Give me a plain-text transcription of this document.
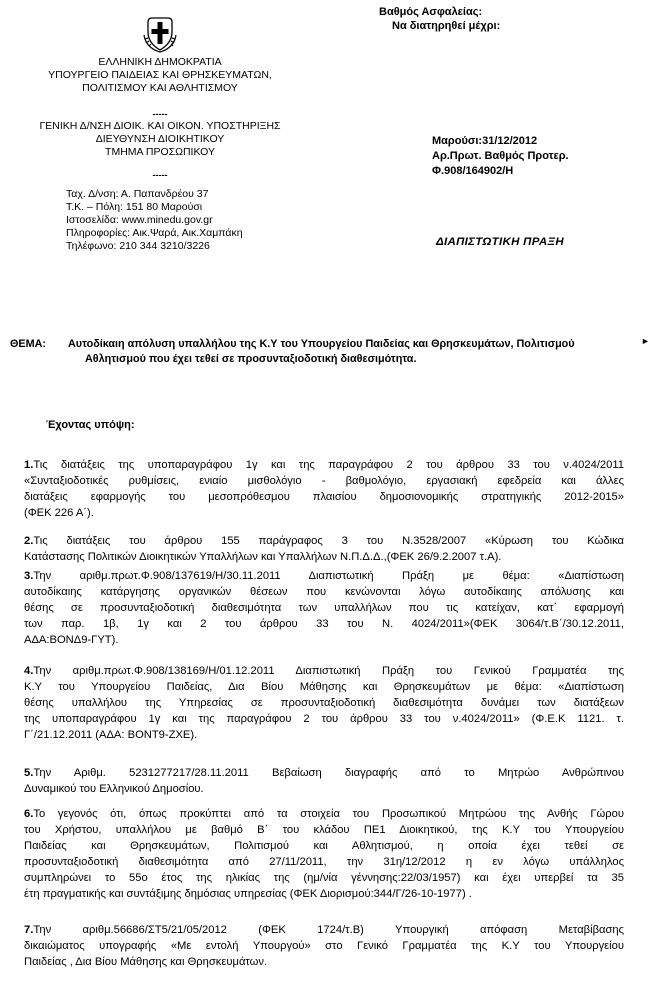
Βαθμός Ασφαλείας:
Να διατηρηθεί μέχρι:
ΕΛΛΗΝΙΚΗ ΔΗΜΟΚΡΑΤΙΑ
ΥΠΟΥΡΓΕΙΟ ΠΑΙΔΕΙΑΣ ΚΑΙ ΘΡΗΣΚΕΥΜΑΤΩΝ,
ΠΟΛΙΤΙΣΜΟΥ ΚΑΙ ΑΘΛΗΤΙΣΜΟΥ
-----
ΓΕΝΙΚΗ Δ/ΝΣΗ ΔΙΟΙΚ. ΚΑΙ ΟΙΚΟΝ. ΥΠΟΣΤΗΡΙΞΗΣ
ΔΙΕΥΘΥΝΣΗ ΔΙΟΙΚΗΤΙΚΟΥ
ΤΜΗΜΑ ΠΡΟΣΩΠΙΚΟΥ
-----
Ταχ. Δ/νση: Α. Παπανδρέου 37
Τ.Κ. – Πόλη: 151 80 Μαρούσι
Ιστοσελίδα: www.minedu.gov.gr
Πληροφορίες: Αικ.Ψαρά, Αικ.Χαμπάκη
Τηλέφωνο: 210 344 3210/3226
Μαρούσι:31/12/2012
Αρ.Πρωτ. Βαθμός Προτερ.
Φ.908/164902/Η
ΔΙΑΠΙΣΤΩΤΙΚΗ ΠΡΑΞΗ
ΘΕΜΑ: Αυτοδίκαιη απόλυση υπαλλήλου της Κ.Υ του Υπουργείου Παιδείας και Θρησκευμάτων, Πολιτισμού
Αθλητισμού που έχει τεθεί σε προσυνταξιοδοτική διαθεσιμότητα.
►
Έχοντας υπόψη:
1.Τις διατάξεις της υποπαραγράφου 1γ και της παραγράφου 2 του άρθρου 33 του ν.4024/2011
«Συνταξιοδοτικές ρυθμίσεις, ενιαίο μισθολόγιο - βαθμολόγιο, εργασιακή εφεδρεία και άλλες
διατάξεις εφαρμογής του μεσοπρόθεσμου πλαισίου δημοσιονομικής στρατηγικής 2012-2015»
(ΦΕΚ 226 Α΄).
2.Τις διατάξεις του άρθρου 155 παράγραφος 3 του Ν.3528/2007 «Κύρωση του Κώδικα
Κατάστασης Πολιτικών Διοικητικών Υπαλλήλων και Υπαλλήλων Ν.Π.Δ.Δ.,(ΦΕΚ 26/9.2.2007 τ.Α).
3.Την αριθμ.πρωτ.Φ.908/137619/Η/30.11.2011 Διαπιστωτική Πράξη με θέμα: «Διαπίστωση
αυτοδίκαιης κατάργησης οργανικών θέσεων που κενώνονται λόγω αυτοδίκαιης απόλυσης και
θέσης σε προσυνταξιοδοτική διαθεσιμότητα των υπαλλήλων που τις κατείχαν, κατ΄ εφαρμογή
των παρ. 1β, 1γ και 2 του άρθρου 33 του Ν. 4024/2011»(ΦΕΚ 3064/τ.Β΄/30.12.2011,
ΑΔΑ:ΒΟΝΔ9-ΓΥΤ).
4.Την αριθμ.πρωτ.Φ.908/138169/Η/01.12.2011 Διαπιστωτική Πράξη του Γενικού Γραμματέα της
Κ.Υ του Υπουργείου Παιδείας, Δια Βίου Μάθησης και Θρησκευμάτων με θέμα: «Διαπίστωση
θέσης υπαλλήλου της Υπηρεσίας σε προσυνταξιοδοτική διαθεσιμότητα δυνάμει των διατάξεων
της υποπαραγράφου 1γ και της παραγράφου 2 του άρθρου 33 του ν.4024/2011» (Φ.Ε.Κ 1121. τ.
Γ΄/21.12.2011 (ΑΔΑ: ΒΟΝΤ9-ΖΧΕ).
5.Την Αριθμ. 5231277217/28.11.2011 Βεβαίωση διαγραφής από το Μητρώο Ανθρώπινου
Δυναμικού του Ελληνικού Δημοσίου.
6.Το γεγονός ότι, όπως προκύπτει από τα στοιχεία του Προσωπικού Μητρώου της Ανθής Γώρου
του Χρήστου, υπαλλήλου με βαθμό Β΄ του κλάδου ΠΕ1 Διοικητικού, της Κ.Υ του Υπουργείου
Παιδείας και Θρησκευμάτων, Πολιτισμού και Αθλητισμού, η οποία έχει τεθεί σε
προσυνταξιοδοτική διαθεσιμότητα από 27/11/2011, την 31η/12/2012 η εν λόγω υπάλληλος
συμπληρώνει το 55ο έτος της ηλικίας της (ημ/νία γέννησης:22/03/1957) και έχει υπερβεί τα 35
έτη πραγματικής και συντάξιμης δημόσιας υπηρεσίας (ΦΕΚ Διορισμού:344/Γ/26-10-1977) .
7.Την αριθμ.56686/ΣΤ5/21/05/2012 (ΦΕΚ 1724/τ.Β) Υπουργική απόφαση Μεταβίβασης
δικαιώματος υπογραφής «Με εντολή Υπουργού» στο Γενικό Γραμματέα της Κ.Υ του Υπουργείου
Παιδείας , Δια Βίου Μάθησης και Θρησκευμάτων.
